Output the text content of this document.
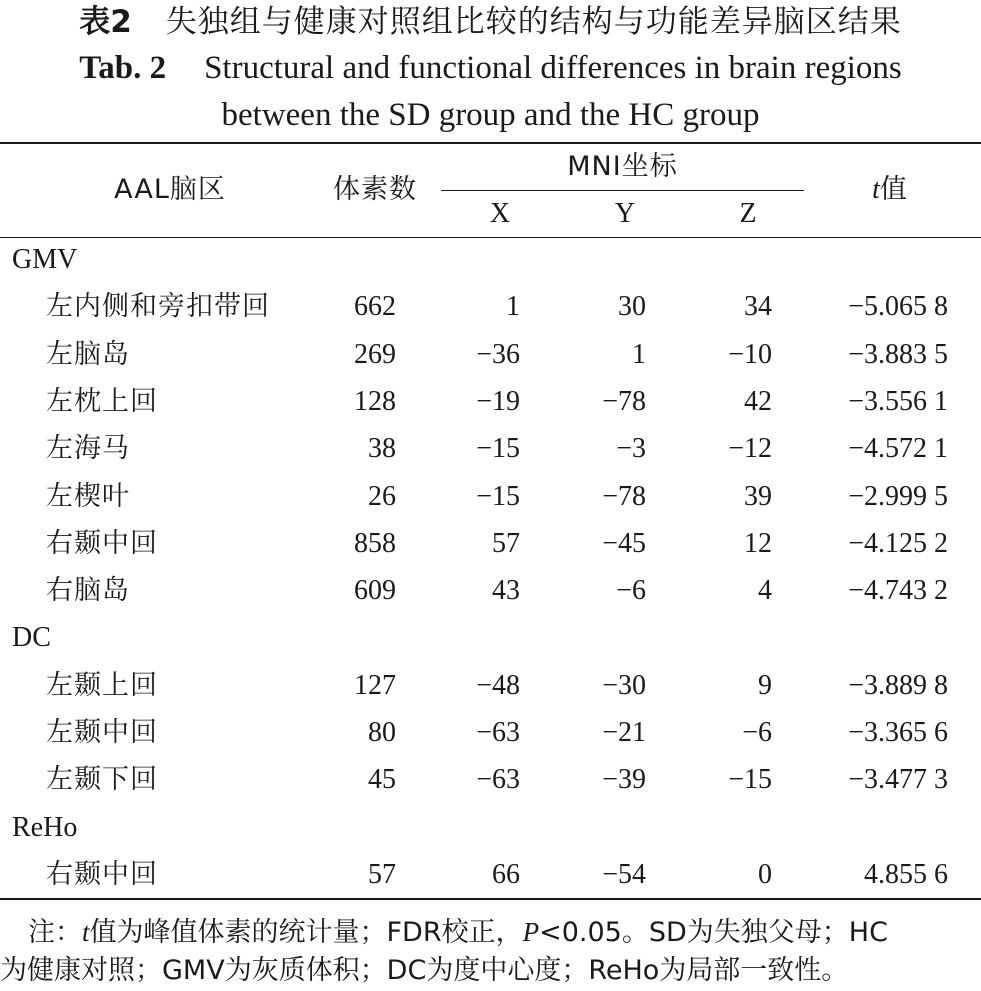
表2 失独组与健康对照组比较的结构与功能差异脑区结果
Tab. 2 Structural and functional differences in brain regions
between the SD group and the HC group
AAL脑区	体素数
MNI坐标
X	Y	Z
t值
GMV
左内侧和旁扣带回	662	1	30	34	−5.065 8
左脑岛	269	−36	1	−10	−3.883 5
左枕上回	128	−19	−78	42	−3.556 1
左海马	38	−15	−3	−12	−4.572 1
左楔叶	26	−15	−78	39	−2.999 5
右颞中回	858	57	−45	12	−4.125 2
右脑岛	609	43	−6	4	−4.743 2
DC
左颞上回	127	−48	−30	9	−3.889 8
左颞中回	80	−63	−21	−6	−3.365 6
左颞下回	45	−63	−39	−15	−3.477 3
ReHo
右颞中回	57	66	−54	0	4.855 6
注：t值为峰值体素的统计量；FDR校正，P<0.05。SD为失独父母；HC
为健康对照；GMV为灰质体积；DC为度中心度；ReHo为局部一致性。
